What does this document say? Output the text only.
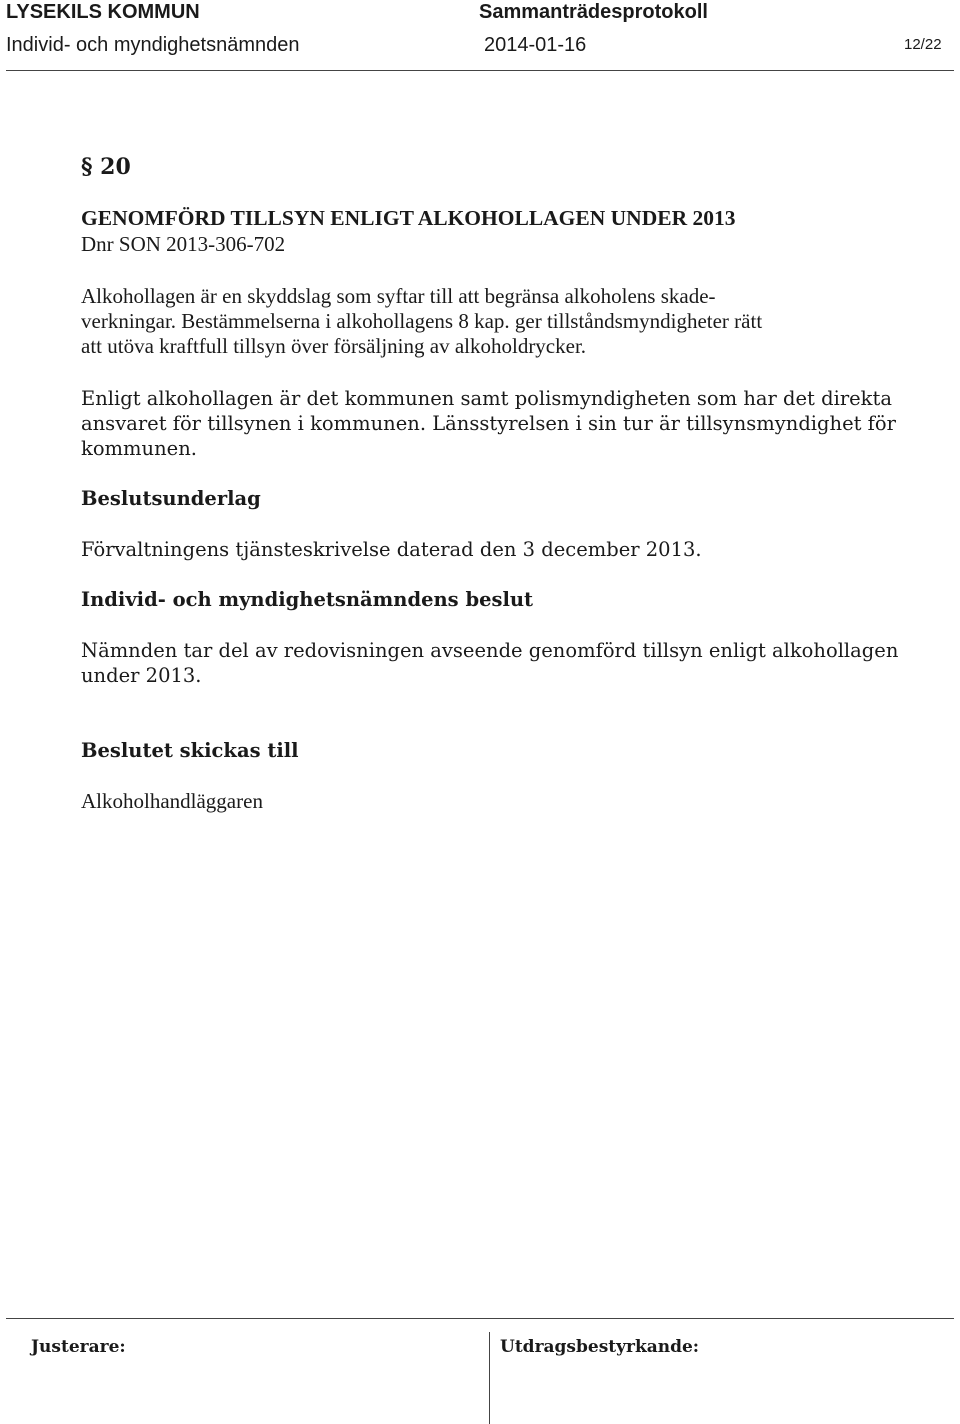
LYSEKILS KOMMUN	Sammanträdesprotokoll
Individ- och myndighetsnämnden	2014-01-16	12/22
§ 20
GENOMFÖRD TILLSYN ENLIGT ALKOHOLLAGEN UNDER 2013
Dnr SON 2013-306-702
Alkohollagen är en skyddslag som syftar till att begränsa alkoholens skade-
verkningar. Bestämmelserna i alkohollagens 8 kap. ger tillståndsmyndigheter rätt
att utöva kraftfull tillsyn över försäljning av alkoholdrycker.
Enligt alkohollagen är det kommunen samt polismyndigheten som har det direkta
ansvaret för tillsynen i kommunen. Länsstyrelsen i sin tur är tillsynsmyndighet för
kommunen.
Beslutsunderlag
Förvaltningens tjänsteskrivelse daterad den 3 december 2013.
Individ- och myndighetsnämndens beslut
Nämnden tar del av redovisningen avseende genomförd tillsyn enligt alkohollagen
under 2013.
Beslutet skickas till
Alkoholhandläggaren
Justerare:	Utdragsbestyrkande:
